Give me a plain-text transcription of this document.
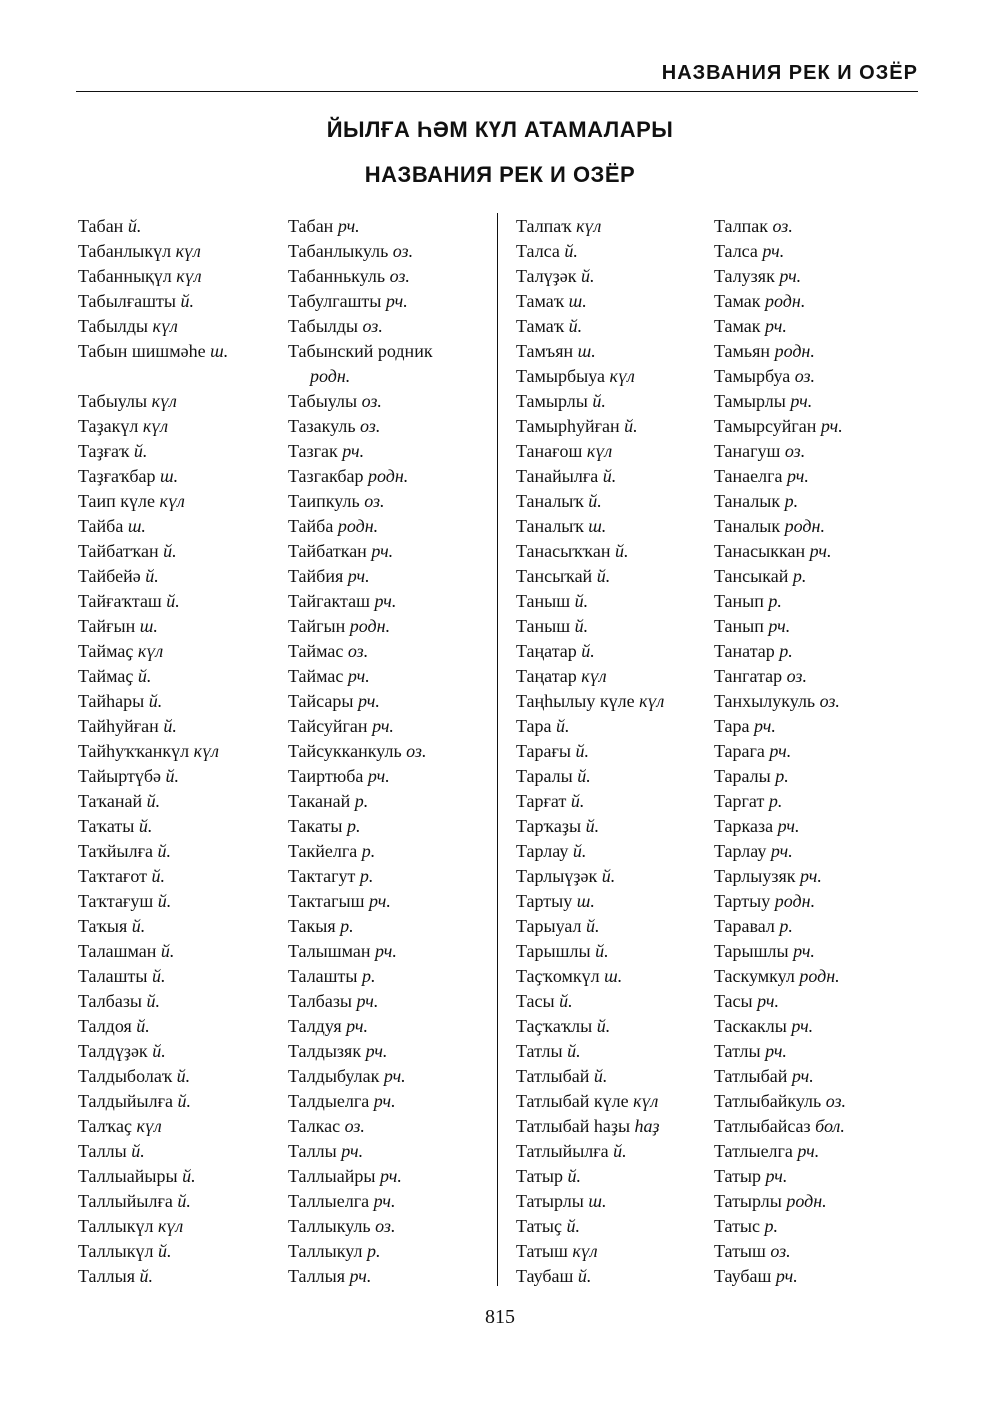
НАЗВАНИЯ РЕК И ОЗЁР
ЙЫЛҒА ҺӘМ КҮЛ АТАМАЛАРЫ
НАЗВАНИЯ РЕК И ОЗЁР
Табан й.	Табан рч.
Табанлыкүл күл	Табанлыкуль оз.
Табаннықүл күл	Табаннькуль оз.
Табылғашты й.	Табулгашты рч.
Табылды күл	Табылды оз.
Табын шишмәһе ш.	Табынский родник
родн.
Табыулы күл	Табыулы оз.
Таҙакүл күл	Тазакуль оз.
Таҙғаҡ й.	Тазгак рч.
Таҙғаҡбар ш.	Тазгакбар родн.
Таип күле күл	Таипкуль оз.
Тайба ш.	Тайба родн.
Тайбатҡан й.	Тайбаткан рч.
Тайбейә й.	Тайбия рч.
Тайғаҡташ й.	Тайгакташ рч.
Тайғын ш.	Тайгын родн.
Таймаҫ күл	Таймас оз.
Таймаҫ й.	Таймас рч.
Тайһары й.	Тайсары рч.
Тайһуйған й.	Тайсуйган рч.
Тайһуҡҡанкүл күл	Тайсукканкуль оз.
Тайыртүбә й.	Таиртюба рч.
Таҡанай й.	Таканай р.
Таҡаты й.	Такаты р.
Таҡйылға й.	Такйелга р.
Таҡтағот й.	Тактагут р.
Таҡтағуш й.	Тактагыш рч.
Таҡыя й.	Такыя р.
Талашман й.	Талышман рч.
Талашты й.	Талашты р.
Талбазы й.	Талбазы рч.
Талдоя й.	Талдуя рч.
Талдүҙәк й.	Талдызяк рч.
Талдыболаҡ й.	Талдыбулак рч.
Талдыйылға й.	Талдыелга рч.
Талҡаҫ күл	Талкас оз.
Таллы й.	Таллы рч.
Таллыайыры й.	Таллыайры рч.
Таллыйылға й.	Таллыелга рч.
Таллыкүл күл	Таллыкуль оз.
Таллыкүл й.	Таллыкул р.
Таллыя й.	Таллыя рч.
Талпаҡ күл	Талпак оз.
Талса й.	Талса рч.
Талүҙәк й.	Талузяк рч.
Тамаҡ ш.	Тамак родн.
Тамаҡ й.	Тамак рч.
Тамъян ш.	Тамьян родн.
Тамырбыуа күл	Тамырбуа оз.
Тамырлы й.	Тамырлы рч.
Тамырһуйған й.	Тамырсуйган рч.
Танағош күл	Танагуш оз.
Танайылға й.	Танаелга рч.
Таналыҡ й.	Таналык р.
Таналыҡ ш.	Таналык родн.
Танасыҡҡан й.	Танасыккан рч.
Тансыҡай й.	Тансыкай р.
Таныш й.	Танып р.
Таныш й.	Танып рч.
Таңатар й.	Танатар р.
Таңатар күл	Тангатар оз.
Таңһылыу күле күл	Танхылукуль оз.
Тара й.	Тара рч.
Тарағы й.	Тарага рч.
Таралы й.	Таралы р.
Тарғат й.	Таргат р.
Тарҡаҙы й.	Тарказа рч.
Тарлау й.	Тарлау рч.
Тарлыүҙәк й.	Тарлыузяк рч.
Тартыу ш.	Тартыу родн.
Тарыуал й.	Таравал р.
Тарышлы й.	Тарышлы рч.
Таҫҡомкүл ш.	Таскумкул родн.
Тасы й.	Тасы рч.
Таҫҡаҡлы й.	Таскаклы рч.
Татлы й.	Татлы рч.
Татлыбай й.	Татлыбай рч.
Татлыбай күле күл	Татлыбайкуль оз.
Татлыбай һаҙы һаҙ	Татлыбайсаз бол.
Татлыйылға й.	Татлыелга рч.
Татыр й.	Татыр рч.
Татырлы ш.	Татырлы родн.
Татыҫ й.	Татыс р.
Татыш күл	Татыш оз.
Таубаш й.	Таубаш рч.
815
